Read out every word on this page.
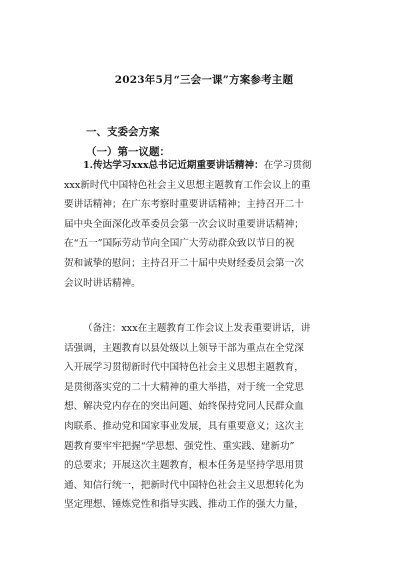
2023年5月“三会一课”方案参考主题
一、支委会方案
（一）第一议题：
1.传达学习xxx总书记近期重要讲话精神：在学习贯彻
xxx新时代中国特色社会主义思想主题教育工作会议上的重
要讲话精神；在广东考察时重要讲话精神；主持召开二十
届中央全面深化改革委员会第一次会议时重要讲话精神；
在“五一”国际劳动节向全国广大劳动群众致以节日的祝
贺和诚挚的慰问；主持召开二十届中央财经委员会第一次
会议时讲话精神。
（备注：xxx在主题教育工作会议上发表重要讲话，讲
话强调，主题教育以县处级以上领导干部为重点在全党深
入开展学习贯彻新时代中国特色社会主义思想主题教育，
是贯彻落实党的二十大精神的重大举措，对于统一全党思
想、解决党内存在的突出问题、始终保持党同人民群众血
肉联系、推动党和国家事业发展，具有重要意义；这次主
题教育要牢牢把握“学思想、强党性、重实践、建新功”
的总要求；开展这次主题教育，根本任务是坚持学思用贯
通、知信行统一，把新时代中国特色社会主义思想转化为
坚定理想、锤炼党性和指导实践、推动工作的强大力量，
